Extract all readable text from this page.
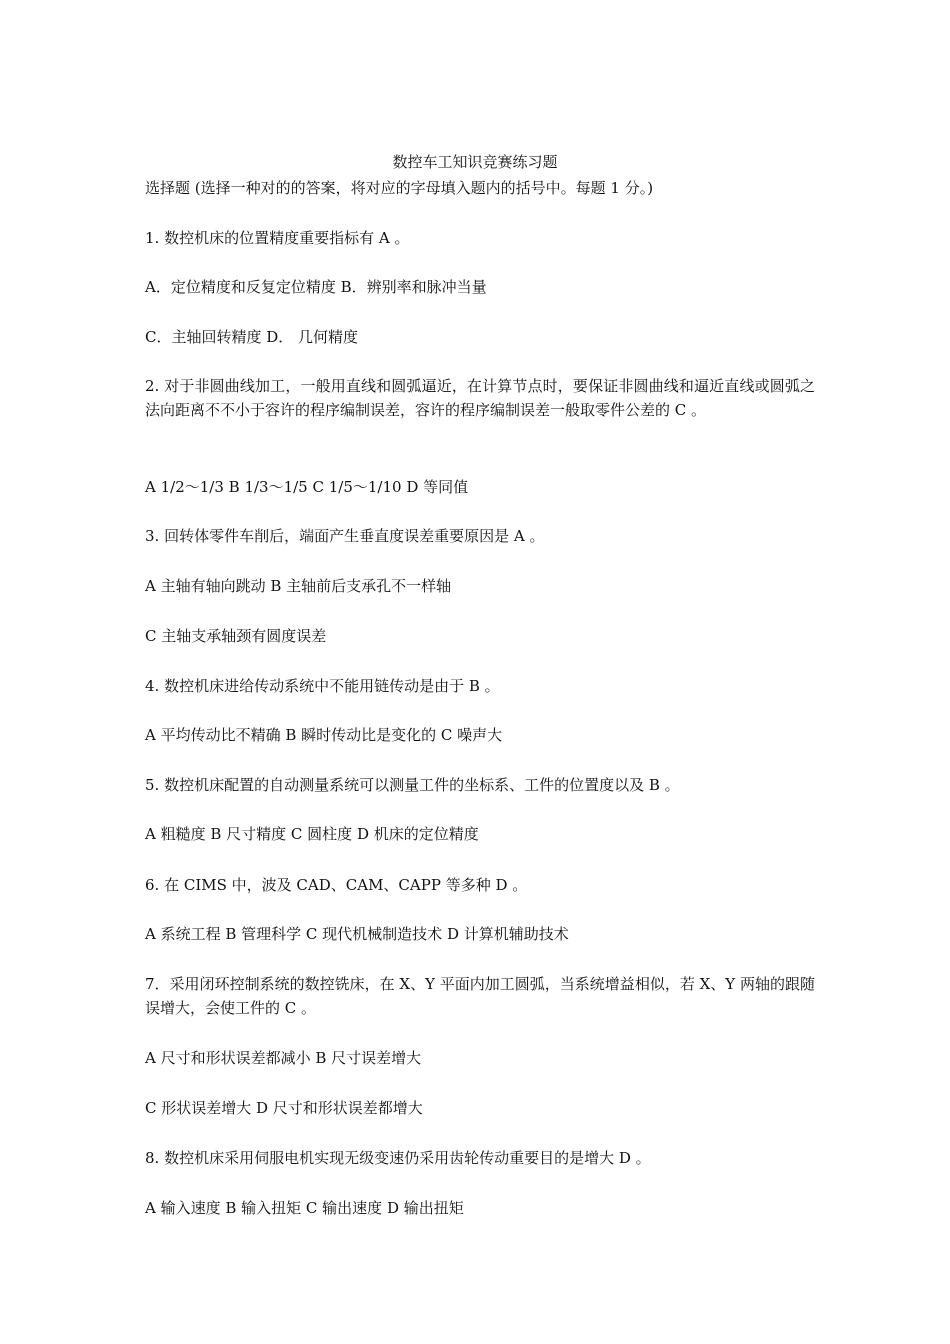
数控车工知识竞赛练习题
选择题 (选择一种对的的答案，将对应的字母填入题内的括号中。每题 1 分。)
1. 数控机床的位置精度重要指标有 A 。
A．定位精度和反复定位精度 B．辨别率和脉冲当量
C．主轴回转精度 D． 几何精度
2. 对于非圆曲线加工，一般用直线和圆弧逼近，在计算节点时，要保证非圆曲线和逼近直线或圆弧之法向距离不不小于容许的程序编制误差，容许的程序编制误差一般取零件公差的 C 。
A 1/2～1/3 B 1/3～1/5 C 1/5～1/10 D 等同值
3. 回转体零件车削后，端面产生垂直度误差重要原因是 A 。
A 主轴有轴向跳动 B 主轴前后支承孔不一样轴
C 主轴支承轴颈有圆度误差
4. 数控机床进给传动系统中不能用链传动是由于 B 。
A 平均传动比不精确 B 瞬时传动比是变化的 C 噪声大
5. 数控机床配置的自动测量系统可以测量工件的坐标系、工件的位置度以及 B 。
A 粗糙度 B 尺寸精度 C 圆柱度 D 机床的定位精度
6. 在 CIMS 中，波及 CAD、CAM、CAPP 等多种 D 。
A 系统工程 B 管理科学 C 现代机械制造技术 D 计算机辅助技术
7．采用闭环控制系统的数控铣床，在 X、Y 平面内加工圆弧，当系统增益相似，若 X、Y 两轴的跟随误增大，会使工件的 C 。
A 尺寸和形状误差都减小 B 尺寸误差增大
C 形状误差增大 D 尺寸和形状误差都增大
8. 数控机床采用伺服电机实现无级变速仍采用齿轮传动重要目的是增大 D 。
A 输入速度 B 输入扭矩 C 输出速度 D 输出扭矩
